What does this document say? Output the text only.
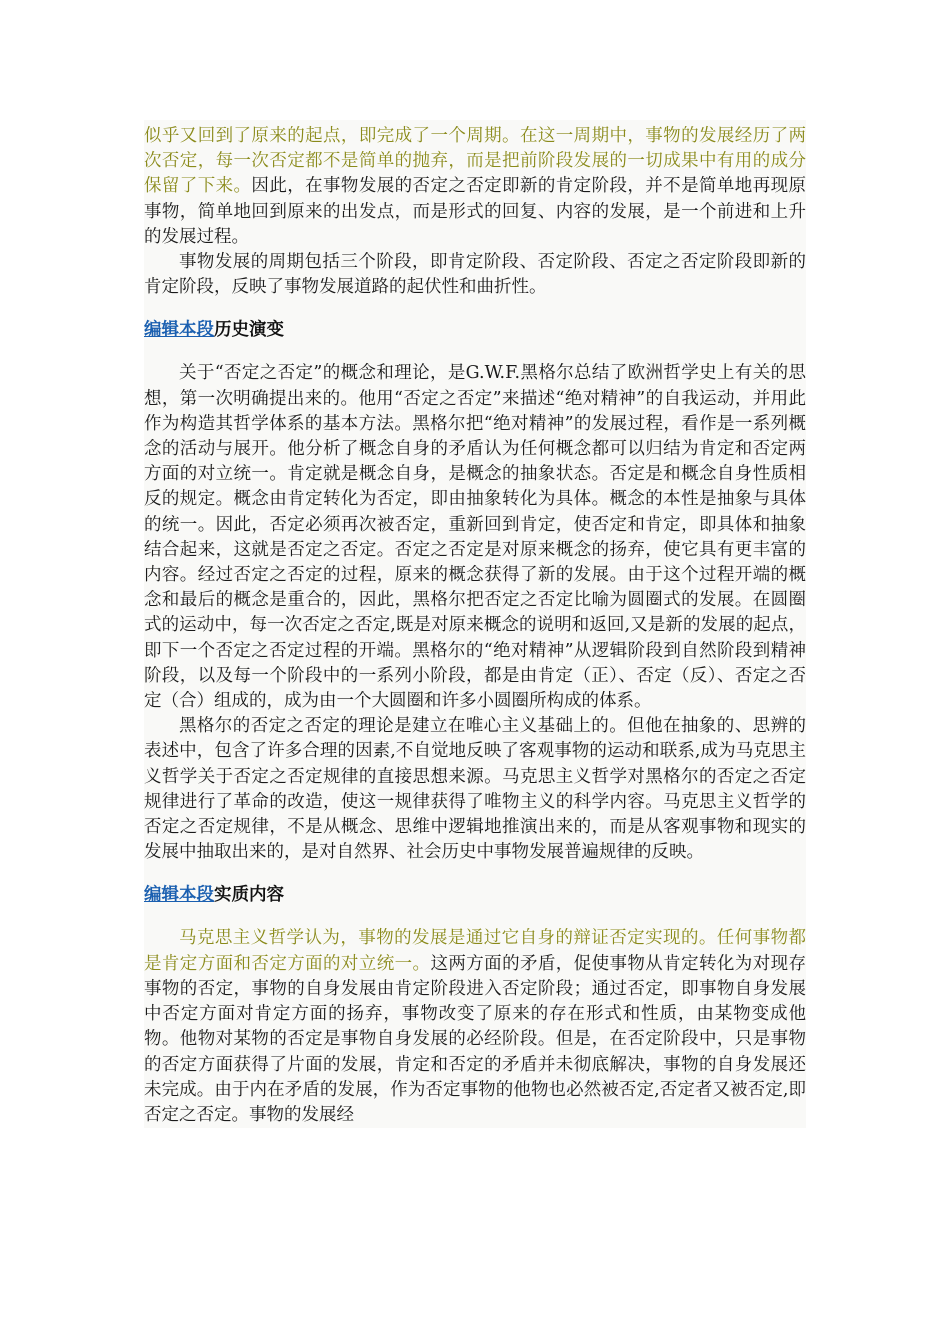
似乎又回到了原来的起点，即完成了一个周期。在这一周期中，事物的发展经历了两次否定，每一次否定都不是简单的抛弃，而是把前阶段发展的一切成果中有用的成分保留了下来。因此，在事物发展的否定之否定即新的肯定阶段，并不是简单地再现原事物，简单地回到原来的出发点，而是形式的回复、内容的发展，是一个前进和上升的发展过程。

事物发展的周期包括三个阶段，即肯定阶段、否定阶段、否定之否定阶段即新的肯定阶段，反映了事物发展道路的起伏性和曲折性。

编辑本段历史演变

关于“否定之否定”的概念和理论，是G.W.F.黑格尔总结了欧洲哲学史上有关的思想，第一次明确提出来的。他用“否定之否定”来描述“绝对精神”的自我运动，并用此作为构造其哲学体系的基本方法。黑格尔把“绝对精神”的发展过程，看作是一系列概念的活动与展开。他分析了概念自身的矛盾认为任何概念都可以归结为肯定和否定两方面的对立统一。肯定就是概念自身，是概念的抽象状态。否定是和概念自身性质相反的规定。概念由肯定转化为否定，即由抽象转化为具体。概念的本性是抽象与具体的统一。因此，否定必须再次被否定，重新回到肯定，使否定和肯定，即具体和抽象结合起来，这就是否定之否定。否定之否定是对原来概念的扬弃，使它具有更丰富的内容。经过否定之否定的过程，原来的概念获得了新的发展。由于这个过程开端的概念和最后的概念是重合的，因此，黑格尔把否定之否定比喻为圆圈式的发展。在圆圈式的运动中，每一次否定之否定,既是对原来概念的说明和返回,又是新的发展的起点，即下一个否定之否定过程的开端。黑格尔的“绝对精神”从逻辑阶段到自然阶段到精神阶段，以及每一个阶段中的一系列小阶段，都是由肯定（正）、否定（反）、否定之否定（合）组成的，成为由一个大圆圈和许多小圆圈所构成的体系。

黑格尔的否定之否定的理论是建立在唯心主义基础上的。但他在抽象的、思辨的表述中，包含了许多合理的因素,不自觉地反映了客观事物的运动和联系,成为马克思主义哲学关于否定之否定规律的直接思想来源。马克思主义哲学对黑格尔的否定之否定规律进行了革命的改造，使这一规律获得了唯物主义的科学内容。马克思主义哲学的否定之否定规律，不是从概念、思维中逻辑地推演出来的，而是从客观事物和现实的发展中抽取出来的，是对自然界、社会历史中事物发展普遍规律的反映。

编辑本段实质内容

马克思主义哲学认为，事物的发展是通过它自身的辩证否定实现的。任何事物都是肯定方面和否定方面的对立统一。这两方面的矛盾，促使事物从肯定转化为对现存事物的否定，事物的自身发展由肯定阶段进入否定阶段；通过否定，即事物自身发展中否定方面对肯定方面的扬弃，事物改变了原来的存在形式和性质，由某物变成他物。他物对某物的否定是事物自身发展的必经阶段。但是，在否定阶段中，只是事物的否定方面获得了片面的发展，肯定和否定的矛盾并未彻底解决，事物的自身发展还未完成。由于内在矛盾的发展，作为否定事物的他物也必然被否定,否定者又被否定,即否定之否定。事物的发展经
